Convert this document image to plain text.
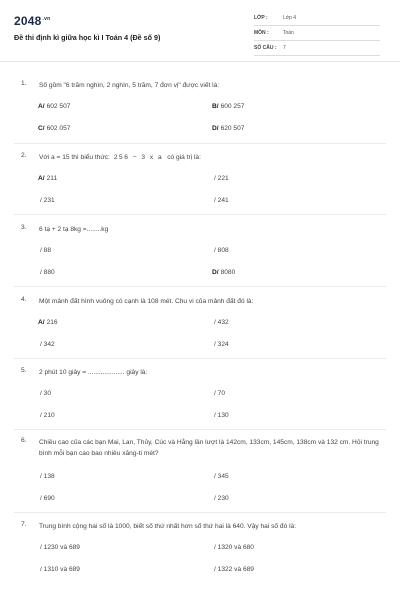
$2048^{.vn}$
Đề thi định kì giữa học kì I Toán 4 (Đề số 9)
LỚP :	Lớp 4
MÔN :	Toán
SỐ CÂU : 7
1. Số gồm "6 trăm nghìn, 2 nghìn, 5 trăm, 7 đơn vị" được viết là:
A/ 602 507	B/ 600 257
C/ 602 057	D/ 620 507
2. Với a = 15 thì biểu thức: 256 − 3 x a có giá trị là:
A/ 211	/ 221
/ 231	/ 241
3. 6 tạ + 2 tạ 8kg =........kg
/ 88	/ 808
/ 880	D/ 8080
4. Một mảnh đất hình vuông có cạnh là 108 mét. Chu vi của mảnh đất đó là:
A/ 216	/ 432
/ 342	/ 324
5. 2 phút 10 giây = .................... giây là:
/ 30	/ 70
/ 210	/ 130
6. Chiều cao của các bạn Mai, Lan, Thủy, Cúc và Hằng lần lượt là 142cm, 133cm, 145cm, 138cm và 132 cm. Hỏi trung bình mỗi bạn cao bao nhiêu xăng-ti mét?
/ 138	/ 345
/ 690	/ 230
7. Trung bình cộng hai số là 1000, biết số thứ nhất hơn số thứ hai là 640. Vậy hai số đó là:
/ 1230 và 689	/ 1320 và 680
/ 1310 và 689	/ 1322 và 689
